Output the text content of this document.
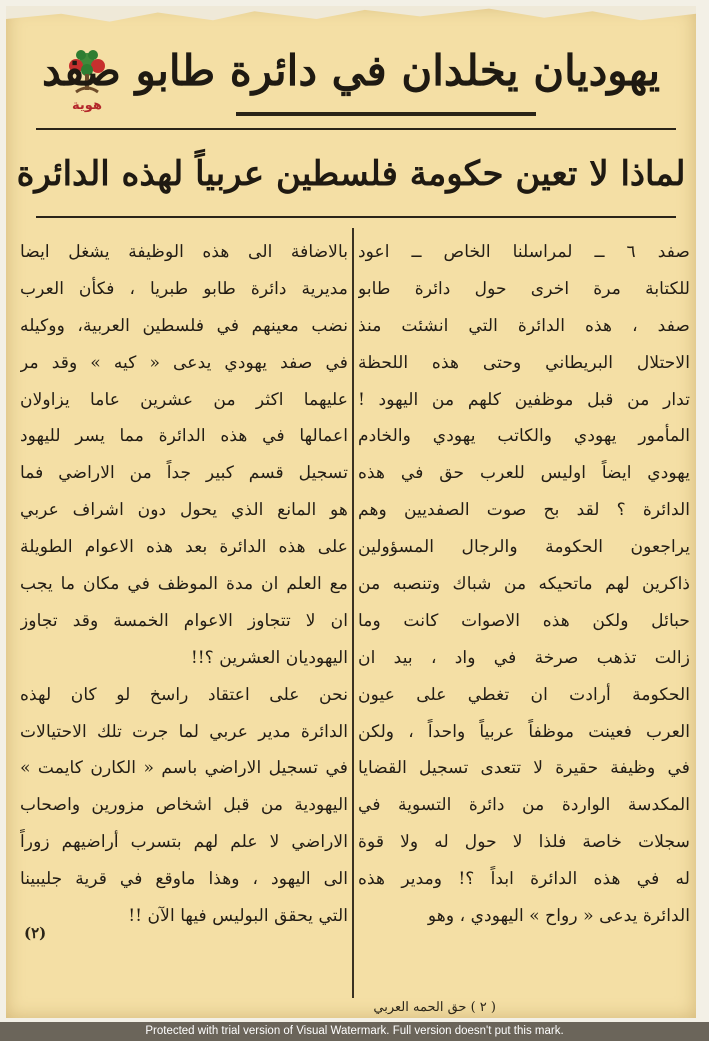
هوية
يهوديان يخلدان في دائرة طابو صفد
لماذا لا تعين حكومة فلسطين عربياً لهذه الدائرة
صفد ٦ ــ لمراسلنا الخاص ــ اعود
للكتابة مرة اخرى حول دائرة طابو
صفد ، هذه الدائرة التي انشئت منذ
الاحتلال البريطاني وحتى هذه اللحظة
تدار من قبل موظفين كلهم من اليهود !
المأمور يهودي والكاتب يهودي والخادم
يهودي ايضاً اوليس للعرب حق في هذه
الدائرة ؟ لقد بح صوت الصفديين وهم
يراجعون الحكومة والرجال المسؤولين
ذاكرين لهم ماتحيكه من شباك وتنصبه من
حبائل ولكن هذه الاصوات كانت وما
زالت تذهب صرخة في واد ، بيد ان
الحكومة أرادت ان تغطي على عيون
العرب فعينت موظفاً عربياً واحداً ، ولكن
في وظيفة حقيرة لا تتعدى تسجيل القضايا
المكدسة الواردة من دائرة التسوية في
سجلات خاصة فلذا لا حول له ولا قوة
له في هذه الدائرة ابداً ؟! ومدير هذه
الدائرة يدعى « رواح » اليهودي ، وهو
بالاضافة الى هذه الوظيفة يشغل ايضا
مديرية دائرة طابو طبريا ، فكأن العرب
نضب معينهم في فلسطين العربية، ووكيله
في صفد يهودي يدعى « كيه » وقد مر
عليهما اكثر من عشرين عاما يزاولان
اعمالها في هذه الدائرة مما يسر لليهود
تسجيل قسم كبير جداً من الاراضي فما
هو المانع الذي يحول دون اشراف عربي
على هذه الدائرة بعد هذه الاعوام الطويلة
مع العلم ان مدة الموظف في مكان ما يجب
ان لا تتجاوز الاعوام الخمسة وقد تجاوز
اليهوديان العشرين ؟!!
نحن على اعتقاد راسخ لو كان لهذه
الدائرة مدير عربي لما جرت تلك الاحتيالات
في تسجيل الاراضي باسم « الكارن كايمت »
اليهودية من قبل اشخاص مزورين واصحاب
الاراضي لا علم لهم بتسرب أراضيهم زوراً
الى اليهود ، وهذا ماوقع في قرية جليبينا
التي يحقق البوليس فيها الآن !!
(٢)
( ٢ ) حق الحمه العربي
Protected with trial version of Visual Watermark. Full version doesn't put this mark.
